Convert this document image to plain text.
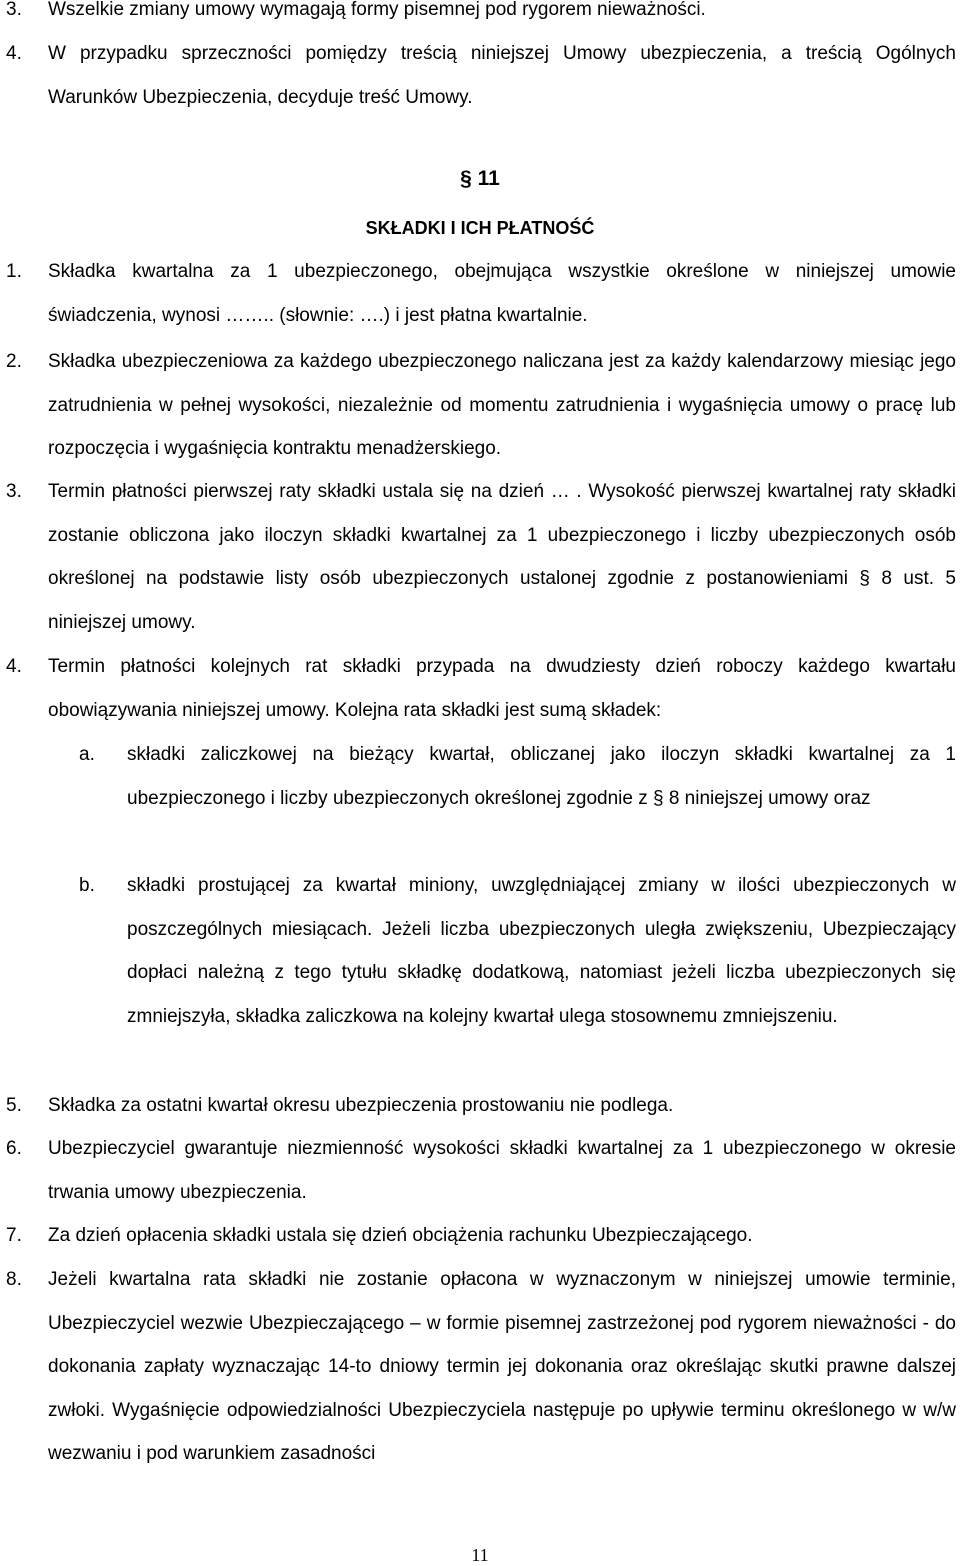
3.	Wszelkie zmiany umowy wymagają formy pisemnej pod rygorem nieważności.
4.	W przypadku sprzeczności pomiędzy treścią niniejszej Umowy ubezpieczenia, a treścią Ogólnych Warunków Ubezpieczenia, decyduje treść Umowy.
§ 11
SKŁADKI I ICH PŁATNOŚĆ
1.	Składka kwartalna za 1 ubezpieczonego, obejmująca wszystkie określone w niniejszej umowie świadczenia, wynosi …….. (słownie: ….) i jest płatna kwartalnie.
2.	Składka ubezpieczeniowa za każdego ubezpieczonego naliczana jest za każdy kalendarzowy miesiąc jego zatrudnienia w pełnej wysokości, niezależnie od momentu zatrudnienia i wygaśnięcia umowy o pracę lub rozpoczęcia i wygaśnięcia kontraktu menadżerskiego.
3.	Termin płatności pierwszej raty składki ustala się na dzień … . Wysokość pierwszej kwartalnej raty składki zostanie obliczona jako iloczyn składki kwartalnej za 1 ubezpieczonego i liczby ubezpieczonych osób określonej na podstawie listy osób ubezpieczonych ustalonej zgodnie z postanowieniami § 8 ust. 5 niniejszej umowy.
4.	Termin płatności kolejnych rat składki przypada na dwudziesty dzień roboczy każdego kwartału obowiązywania niniejszej umowy. Kolejna rata składki jest sumą składek:
a.	składki zaliczkowej na bieżący kwartał, obliczanej jako iloczyn składki kwartalnej za 1 ubezpieczonego i liczby ubezpieczonych określonej zgodnie z § 8 niniejszej umowy oraz
b.	składki prostującej za kwartał miniony, uwzględniającej zmiany w ilości ubezpieczonych w poszczególnych miesiącach. Jeżeli liczba ubezpieczonych uległa zwiększeniu, Ubezpieczający dopłaci należną z tego tytułu składkę dodatkową, natomiast jeżeli liczba ubezpieczonych się zmniejszyła, składka zaliczkowa na kolejny kwartał ulega stosownemu zmniejszeniu.
5.	Składka za ostatni kwartał okresu ubezpieczenia prostowaniu nie podlega.
6.	Ubezpieczyciel gwarantuje niezmienność wysokości składki kwartalnej za 1 ubezpieczonego w okresie trwania umowy ubezpieczenia.
7.	Za dzień opłacenia składki ustala się dzień obciążenia rachunku Ubezpieczającego.
8.	Jeżeli kwartalna rata składki nie zostanie opłacona w wyznaczonym w niniejszej umowie terminie, Ubezpieczyciel wezwie Ubezpieczającego – w formie pisemnej zastrzeżonej pod rygorem nieważności - do dokonania zapłaty wyznaczając 14-to dniowy termin jej dokonania oraz określając skutki prawne dalszej zwłoki. Wygaśnięcie odpowiedzialności Ubezpieczyciela następuje po upływie terminu określonego w w/w wezwaniu i pod warunkiem zasadności
11
